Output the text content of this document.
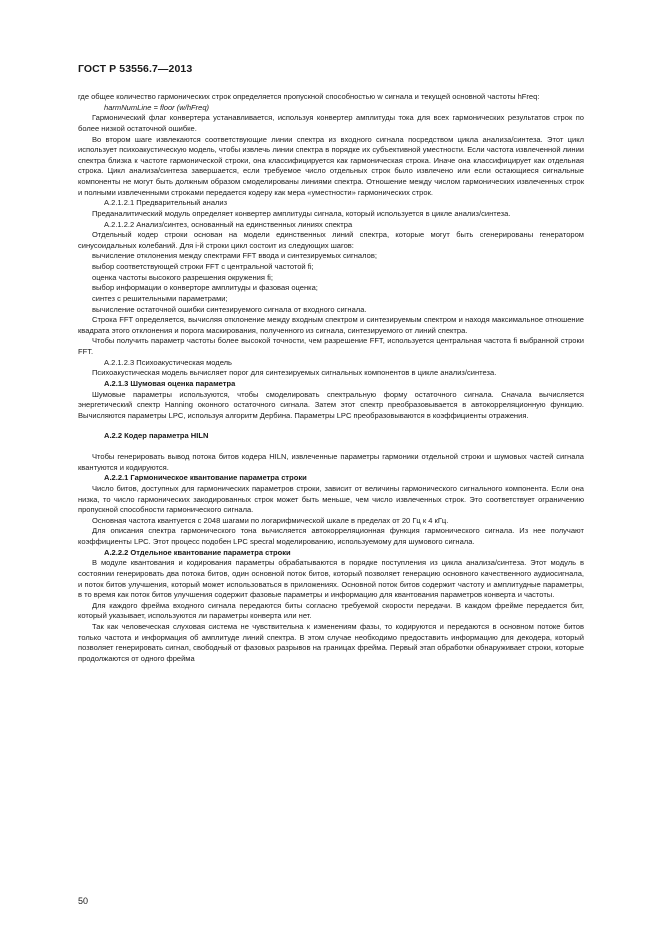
ГОСТ Р 53556.7—2013

где общее количество гармонических строк определяется пропускной способностью w сигнала и текущей основной частоты hFreq:

harmNumLine = floor (w/hFreq)

Гармонический флаг конвертера устанавливается, используя конвертер амплитуды тока для всех гармонических результатов строк по более низкой остаточной ошибке.

Во втором шаге извлекаются соответствующие линии спектра из входного сигнала посредством цикла анализа/синтеза. Этот цикл использует психоакустическую модель, чтобы извлечь линии спектра в порядке их субъективной уместности. Если частота извлеченной линии спектра близка к частоте гармонической строки, она классифицируется как гармоническая строка. Иначе она классифицирует как отдельная строка. Цикл анализа/синтеза завершается, если требуемое число отдельных строк было извлечено или если остающиеся сигнальные компоненты не могут быть должным образом смоделированы линиями спектра. Отношение между числом гармонических извлеченных строк и полными извлеченными строками передается кодеру как мера «уместности» гармонических строк.

А.2.1.2.1 Предварительный анализ

Преданалитический модуль определяет конвертер амплитуды сигнала, который используется в цикле анализ/синтеза.

А.2.1.2.2 Анализ/синтез, основанный на единственных линиях спектра

Отдельный кодер строки основан на модели единственных линий спектра, которые могут быть сгенерированы генератором синусоидальных колебаний. Для i-й строки цикл состоит из следующих шагов:

вычисление отклонения между спектрами FFT ввода и синтезируемых сигналов;

выбор соответствующей строки FFT с центральной частотой fi;

оценка частоты высокого разрешения окружения fi;

выбор информации о конверторе амплитуды и фазовая оценка;

синтез с решительными параметрами;

вычисление остаточной ошибки синтезируемого сигнала от входного сигнала.

Строка FFT определяется, вычисляя отклонение между входным спектром и синтезируемым спектром и находя максимальное отношение квадрата этого отклонения и порога маскирования, полученного из сигнала, синтезируемого от линий спектра.

Чтобы получить параметр частоты более высокой точности, чем разрешение FFT, используется центральная частота fi выбранной строки FFT.

А.2.1.2.3 Психоакустическая модель

Психоакустическая модель вычисляет порог для синтезируемых сигнальных компонентов в цикле анализ/синтеза.

А.2.1.3 Шумовая оценка параметра

Шумовые параметры используются, чтобы смоделировать спектральную форму остаточного сигнала. Сначала вычисляется энергетический спектр Hanning оконного остаточного сигнала. Затем этот спектр преобразовывается в автокорреляционную функцию. Вычисляются параметры LPC, используя алгоритм Дербина. Параметры LPC преобразовываются в коэффициенты отражения.

А.2.2 Кодер параметра HILN

Чтобы генерировать вывод потока битов кодера HILN, извлеченные параметры гармоники отдельной строки и шумовых частей сигнала квантуются и кодируются.

А.2.2.1 Гармоническое квантование параметра строки

Число битов, доступных для гармонических параметров строки, зависит от величины гармонического сигнального компонента. Если она низка, то число гармонических закодированных строк может быть меньше, чем число извлеченных строк. Это соответствует ограничению пропускной способности гармонического сигнала.

Основная частота квантуется с 2048 шагами по логарифмической шкале в пределах от 20 Гц к 4 кГц.

Для описания спектра гармонического тона вычисляется автокорреляционная функция гармонического сигнала. Из нее получают коэффициенты LPC. Этот процесс подобен LPC specral моделированию, используемому для шумового сигнала.

А.2.2.2 Отдельное квантование параметра строки

В модуле квантования и кодирования параметры обрабатываются в порядке поступления из цикла анализа/синтеза. Этот модуль в состоянии генерировать два потока битов, один основной поток битов, который позволяет генерацию основного качественного аудиосигнала, и поток битов улучшения, который может использоваться в приложениях. Основной поток битов содержит частоту и амплитудные параметры, в то время как поток битов улучшения содержит фазовые параметры и информацию для квантования параметров конверта и частоты.

Для каждого фрейма входного сигнала передаются биты согласно требуемой скорости передачи. В каждом фрейме передается бит, который указывает, используются ли параметры конверта или нет.

Так как человеческая слуховая система не чувствительна к изменениям фазы, то кодируются и передаются в основном потоке битов только частота и информация об амплитуде линий спектра. В этом случае необходимо предоставить информацию для декодера, который позволяет генерировать сигнал, свободный от фазовых разрывов на границах фрейма. Первый этап обработки обнаруживает строки, которые продолжаются от одного фрейма

50
